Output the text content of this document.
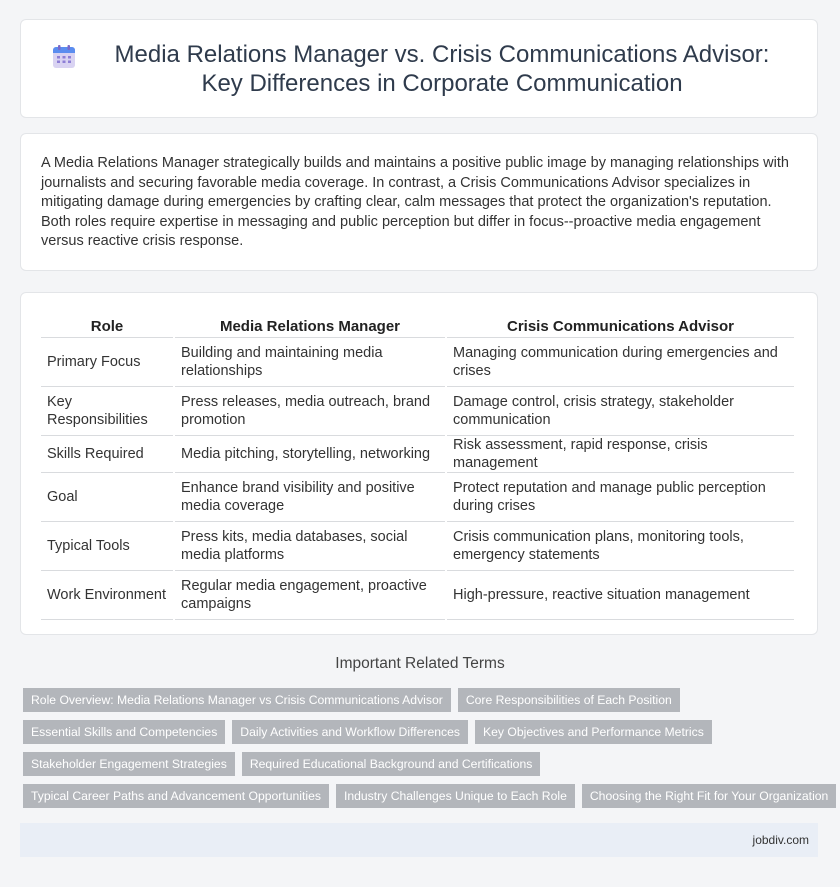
Media Relations Manager vs. Crisis Communications Advisor: Key Differences in Corporate Communication

A Media Relations Manager strategically builds and maintains a positive public image by managing relationships with journalists and securing favorable media coverage. In contrast, a Crisis Communications Advisor specializes in mitigating damage during emergencies by crafting clear, calm messages that protect the organization's reputation. Both roles require expertise in messaging and public perception but differ in focus--proactive media engagement versus reactive crisis response.

Role	Media Relations Manager	Crisis Communications Advisor
Primary Focus	Building and maintaining media relationships	Managing communication during emergencies and crises
Key Responsibilities	Press releases, media outreach, brand promotion	Damage control, crisis strategy, stakeholder communication
Skills Required	Media pitching, storytelling, networking	Risk assessment, rapid response, crisis management
Goal	Enhance brand visibility and positive media coverage	Protect reputation and manage public perception during crises
Typical Tools	Press kits, media databases, social media platforms	Crisis communication plans, monitoring tools, emergency statements
Work Environment	Regular media engagement, proactive campaigns	High-pressure, reactive situation management
Important Related Terms
Role Overview: Media Relations Manager vs Crisis Communications Advisor	Core Responsibilities of Each Position
Essential Skills and Competencies	Daily Activities and Workflow Differences	Key Objectives and Performance Metrics
Stakeholder Engagement Strategies	Required Educational Background and Certifications
Typical Career Paths and Advancement Opportunities	Industry Challenges Unique to Each Role	Choosing the Right Fit for Your Organization
jobdiv.com
